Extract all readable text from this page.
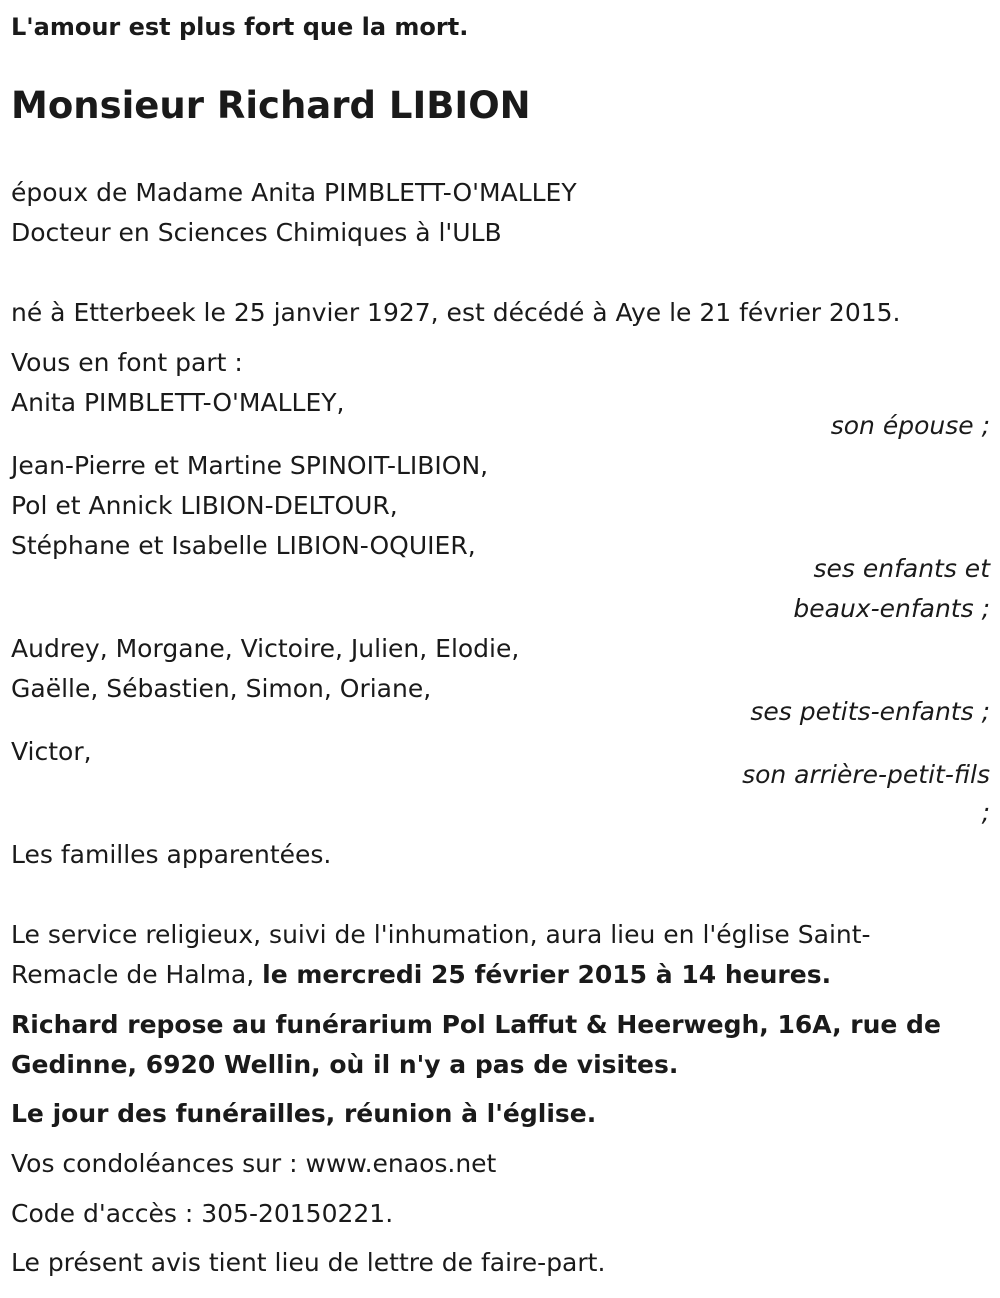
L'amour est plus fort que la mort.
Monsieur Richard LIBION
époux de Madame Anita PIMBLETT-O'MALLEY
Docteur en Sciences Chimiques à l'ULB
né à Etterbeek le 25 janvier 1927, est décédé à Aye le 21 février 2015.
Vous en font part :
Anita PIMBLETT-O'MALLEY,
son épouse ;
Jean-Pierre et Martine SPINOIT-LIBION,
Pol et Annick LIBION-DELTOUR,
Stéphane et Isabelle LIBION-OQUIER,
ses enfants et
beaux-enfants ;
Audrey, Morgane, Victoire, Julien, Elodie,
Gaëlle, Sébastien, Simon, Oriane,
ses petits-enfants ;
Victor,
son arrière-petit-fils
;
Les familles apparentées.
Le service religieux, suivi de l'inhumation, aura lieu en l'église Saint-
Remacle de Halma, le mercredi 25 février 2015 à 14 heures.
Richard repose au funérarium Pol Laffut & Heerwegh, 16A, rue de
Gedinne, 6920 Wellin, où il n'y a pas de visites.
Le jour des funérailles, réunion à l'église.
Vos condoléances sur : www.enaos.net
Code d'accès : 305-20150221.
Le présent avis tient lieu de lettre de faire-part.
